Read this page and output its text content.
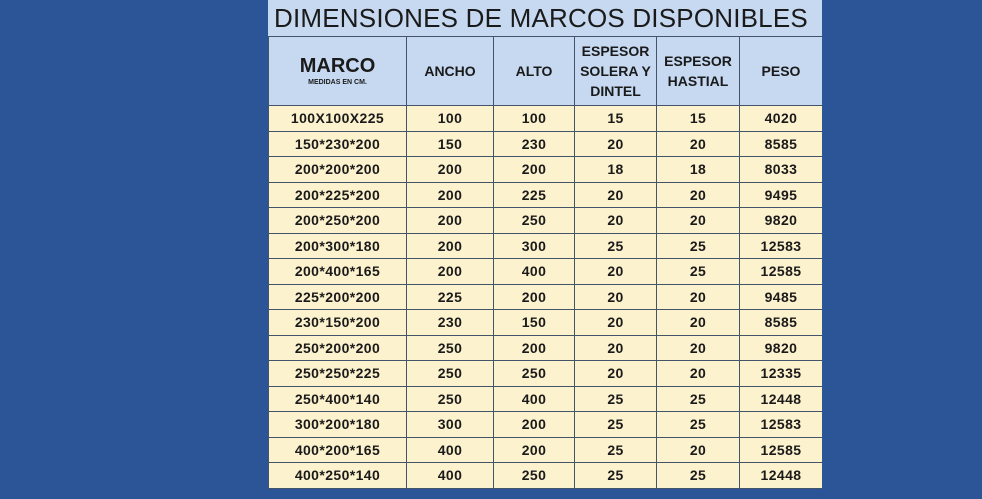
DIMENSIONES DE MARCOS DISPONIBLES
MARCO
MEDIDAS EN CM.	ANCHO	ALTO	ESPESOR SOLERA Y DINTEL	ESPESOR HASTIAL	PESO
100X100X225	100	100	15	15	4020
150*230*200	150	230	20	20	8585
200*200*200	200	200	18	18	8033
200*225*200	200	225	20	20	9495
200*250*200	200	250	20	20	9820
200*300*180	200	300	25	25	12583
200*400*165	200	400	20	25	12585
225*200*200	225	200	20	20	9485
230*150*200	230	150	20	20	8585
250*200*200	250	200	20	20	9820
250*250*225	250	250	20	20	12335
250*400*140	250	400	25	25	12448
300*200*180	300	200	25	25	12583
400*200*165	400	200	25	20	12585
400*250*140	400	250	25	25	12448
